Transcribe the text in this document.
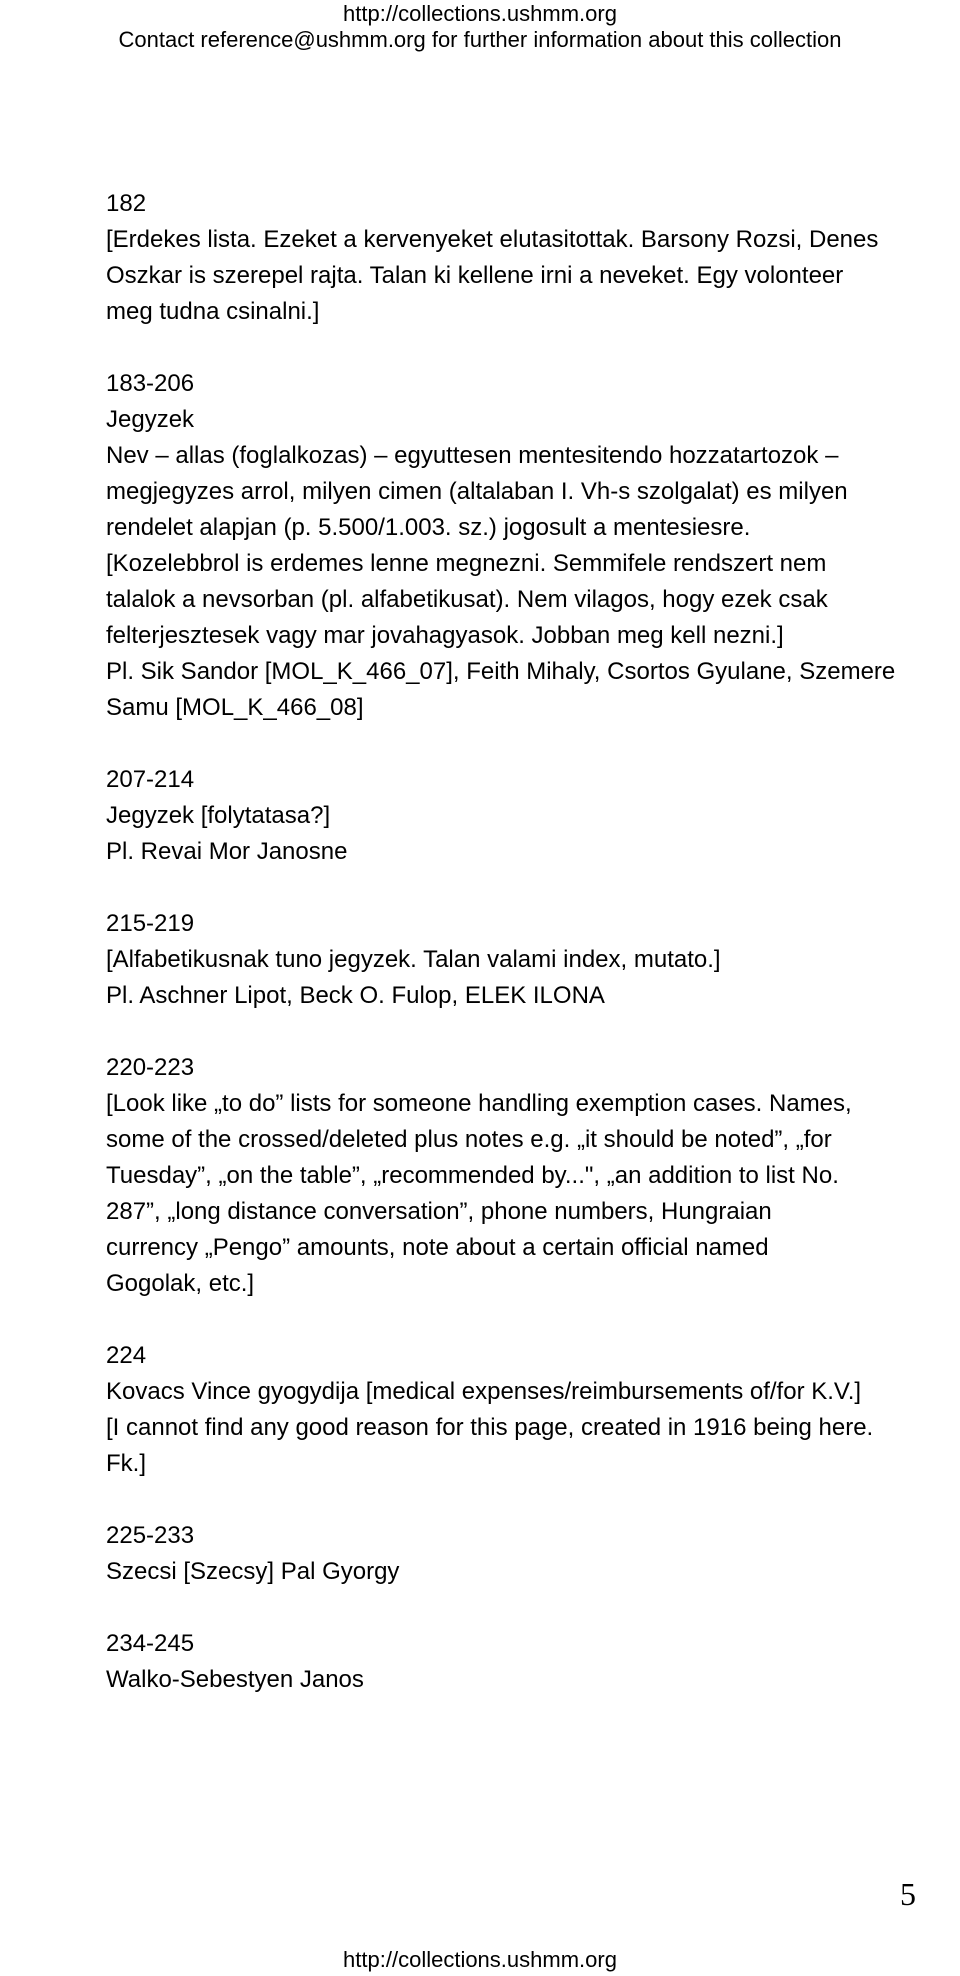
http://collections.ushmm.org
Contact reference@ushmm.org for further information about this collection
182
[Erdekes lista. Ezeket a kervenyeket elutasitottak. Barsony Rozsi, Denes
Oszkar is szerepel rajta. Talan ki kellene irni a neveket. Egy volonteer
meg tudna csinalni.]
183-206
Jegyzek
Nev – allas (foglalkozas) – egyuttesen mentesitendo hozzatartozok –
megjegyzes arrol, milyen cimen (altalaban I. Vh-s szolgalat) es milyen
rendelet alapjan (p. 5.500/1.003. sz.) jogosult a mentesiesre.
[Kozelebbrol is erdemes lenne megnezni. Semmifele rendszert nem
talalok a nevsorban (pl. alfabetikusat). Nem vilagos, hogy ezek csak
felterjesztesek vagy mar jovahagyasok. Jobban meg kell nezni.]
Pl. Sik Sandor [MOL_K_466_07], Feith Mihaly, Csortos Gyulane, Szemere
Samu [MOL_K_466_08]
207-214
Jegyzek [folytatasa?]
Pl. Revai Mor Janosne
215-219
[Alfabetikusnak tuno jegyzek. Talan valami index, mutato.]
Pl. Aschner Lipot, Beck O. Fulop, ELEK ILONA
220-223
[Look like „to do” lists for someone handling exemption cases. Names,
some of the crossed/deleted plus notes e.g. „it should be noted”, „for
Tuesday”, „on the table”, „recommended by...", „an addition to list No.
287”, „long distance conversation”, phone numbers, Hungraian
currency „Pengo” amounts, note about a certain official named
Gogolak, etc.]
224
Kovacs Vince gyogydija [medical expenses/reimbursements of/for K.V.]
[I cannot find any good reason for this page, created in 1916 being here.
Fk.]
225-233
Szecsi [Szecsy] Pal Gyorgy
234-245
Walko-Sebestyen Janos
5
http://collections.ushmm.org
